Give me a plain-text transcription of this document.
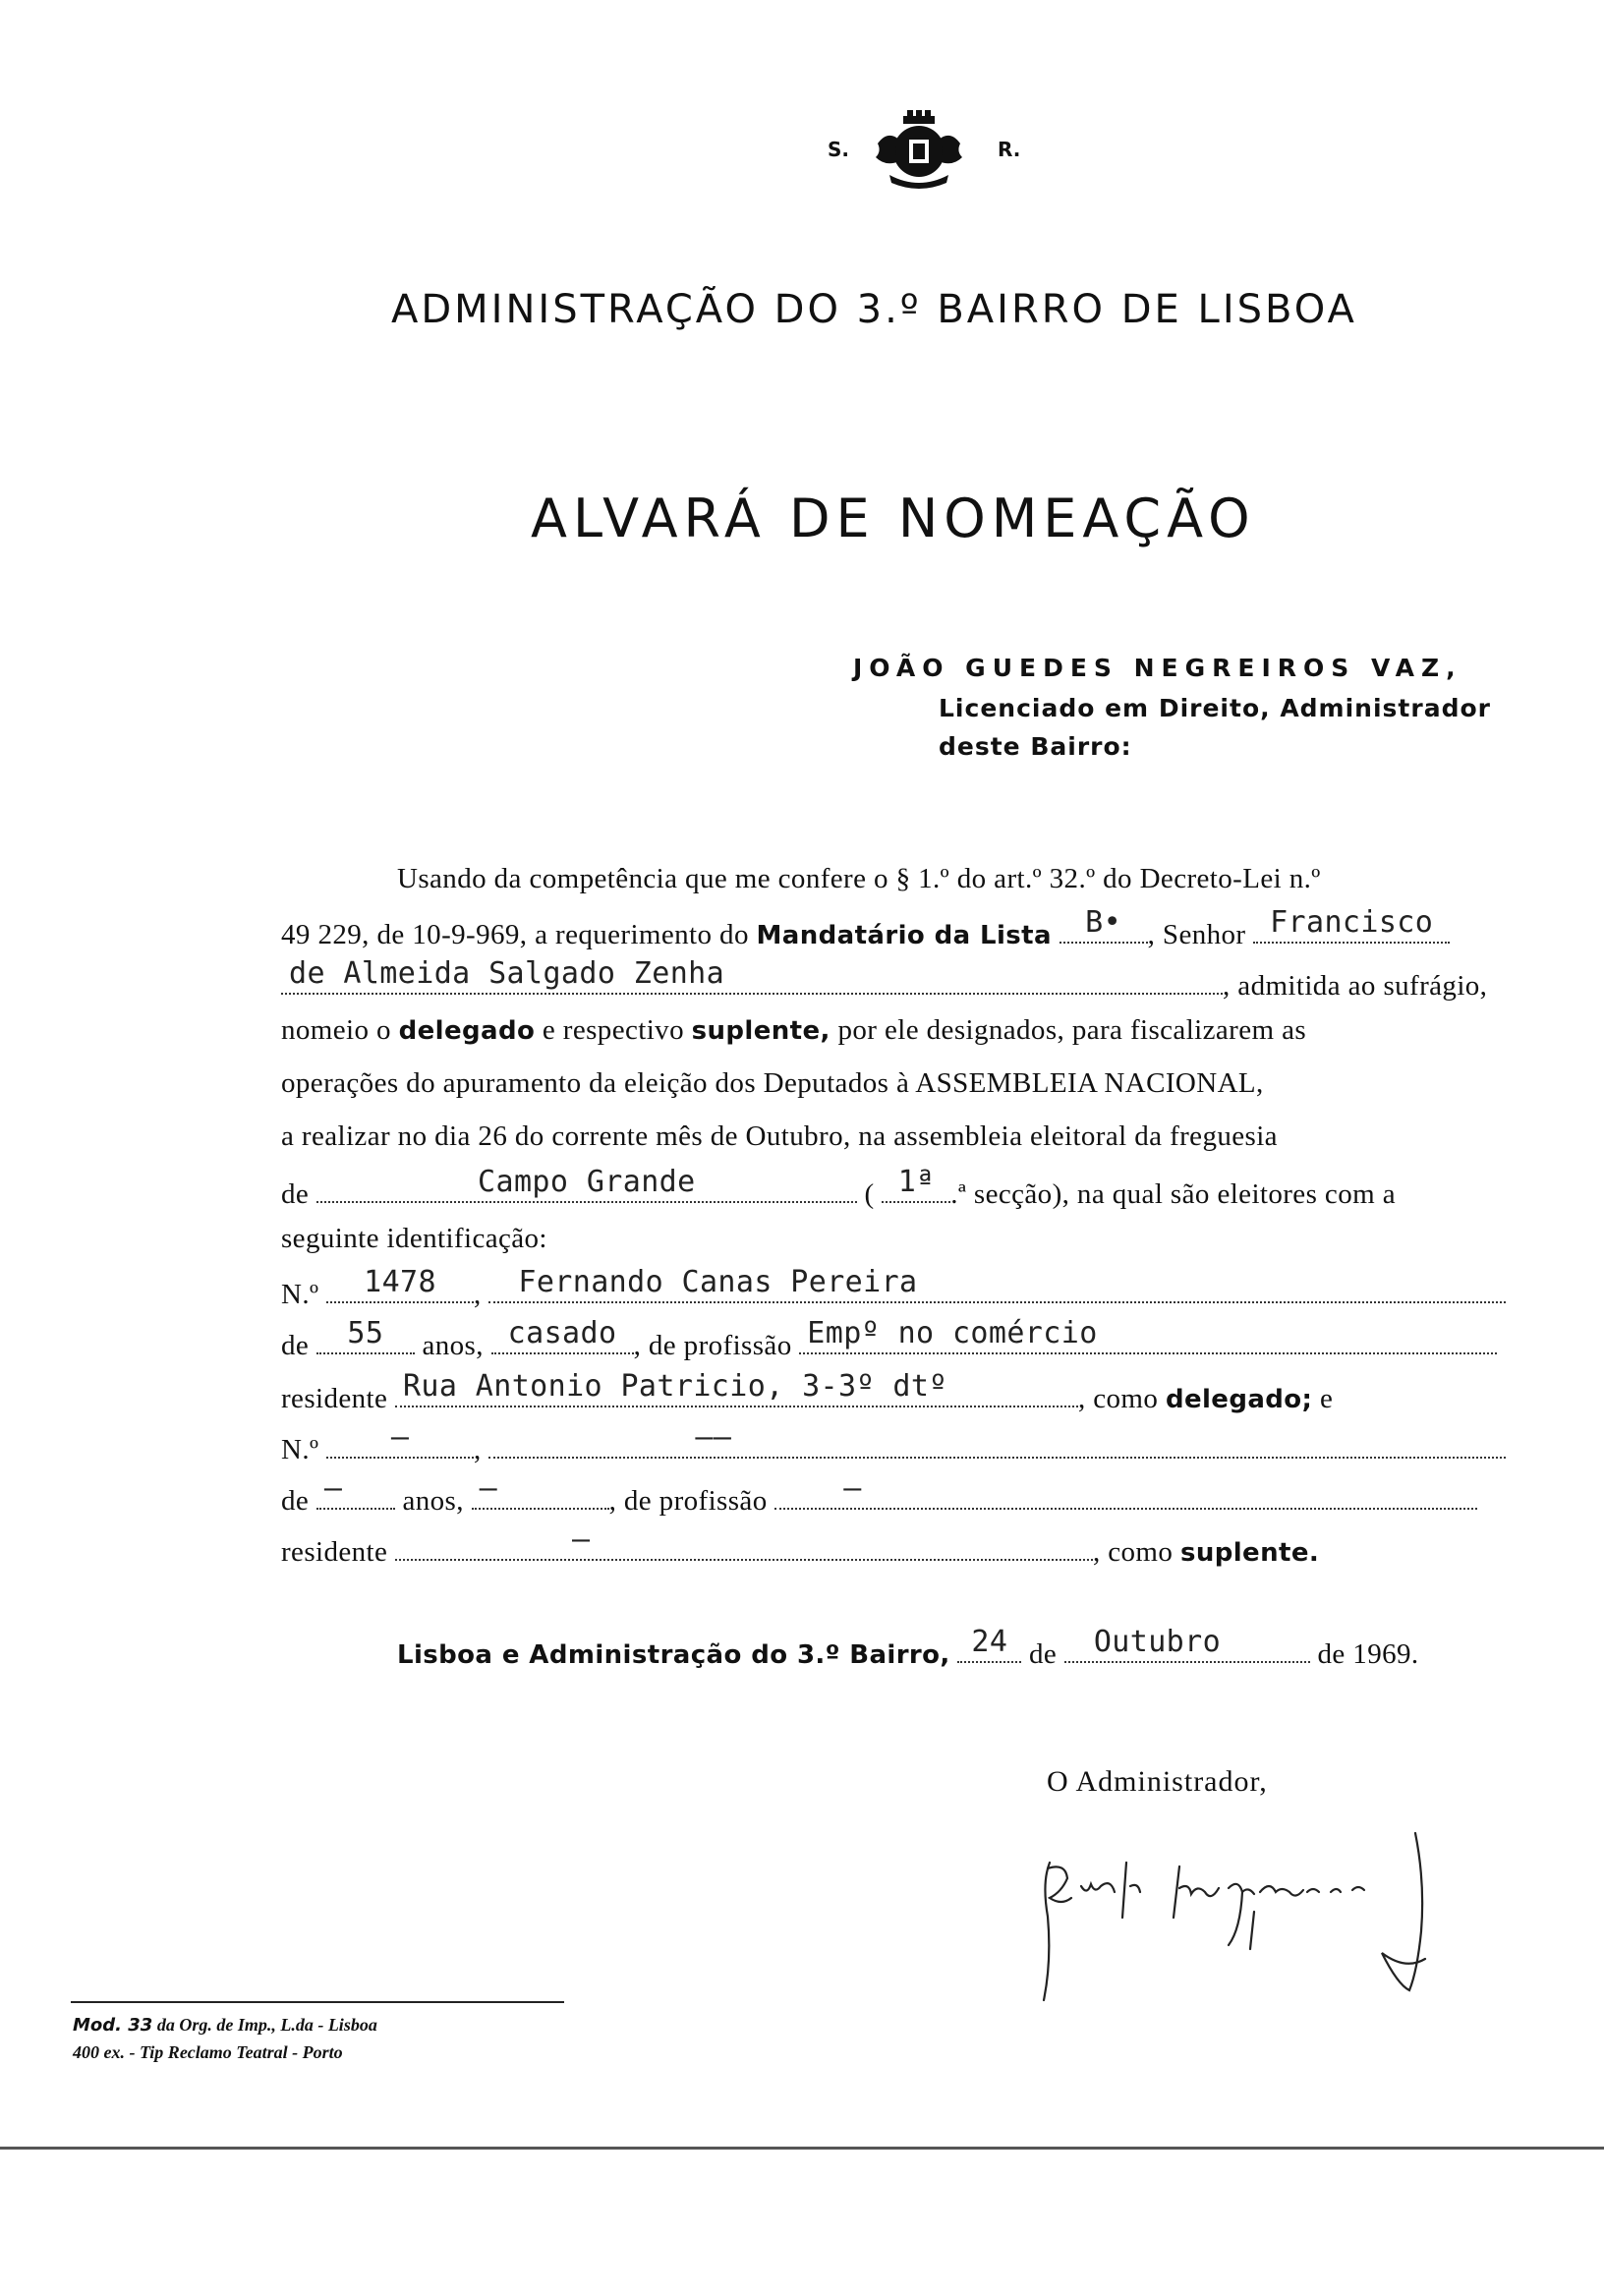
S.	R.
ADMINISTRAÇÃO DO 3.º BAIRRO DE LISBOA
ALVARÁ DE NOMEAÇÃO
JOÃO GUEDES NEGREIROS VAZ,
Licenciado em Direito, Administrador
deste Bairro:
Usando da competência que me confere o § 1.º do art.º 32.º do Decreto-Lei n.º
49 229, de 10-9-969, a requerimento do Mandatário da Lista	B• , Senhor Francisco
de Almeida Salgado Zenha	, admitida ao sufrágio,
nomeio o delegado e respectivo suplente, por ele designados, para fiscalizarem as
operações do apuramento da eleição dos Deputados à ASSEMBLEIA NACIONAL,
a realizar no dia 26 do corrente mês de Outubro, na assembleia eleitoral da freguesia
de	Campo Grande	( 1ª .ª secção), na qual são eleitores com a
seguinte identificação:
N.º	1478	,	Fernando Canas Pereira
de	55	anos, casado , de profissão Empº no comércio
residente Rua Antonio Patricio, 3-3º dtº	, como delegado; e
N.º	–	,	––
de –	anos, –	, de profissão	–
residente	–	, como suplente.
Lisboa e Administração do 3.º Bairro, 24 de	Outubro	de 1969.
O Administrador,
Mod. 33 da Org. de Imp., L.da - Lisboa
400 ex. - Tip Reclamo Teatral - Porto
